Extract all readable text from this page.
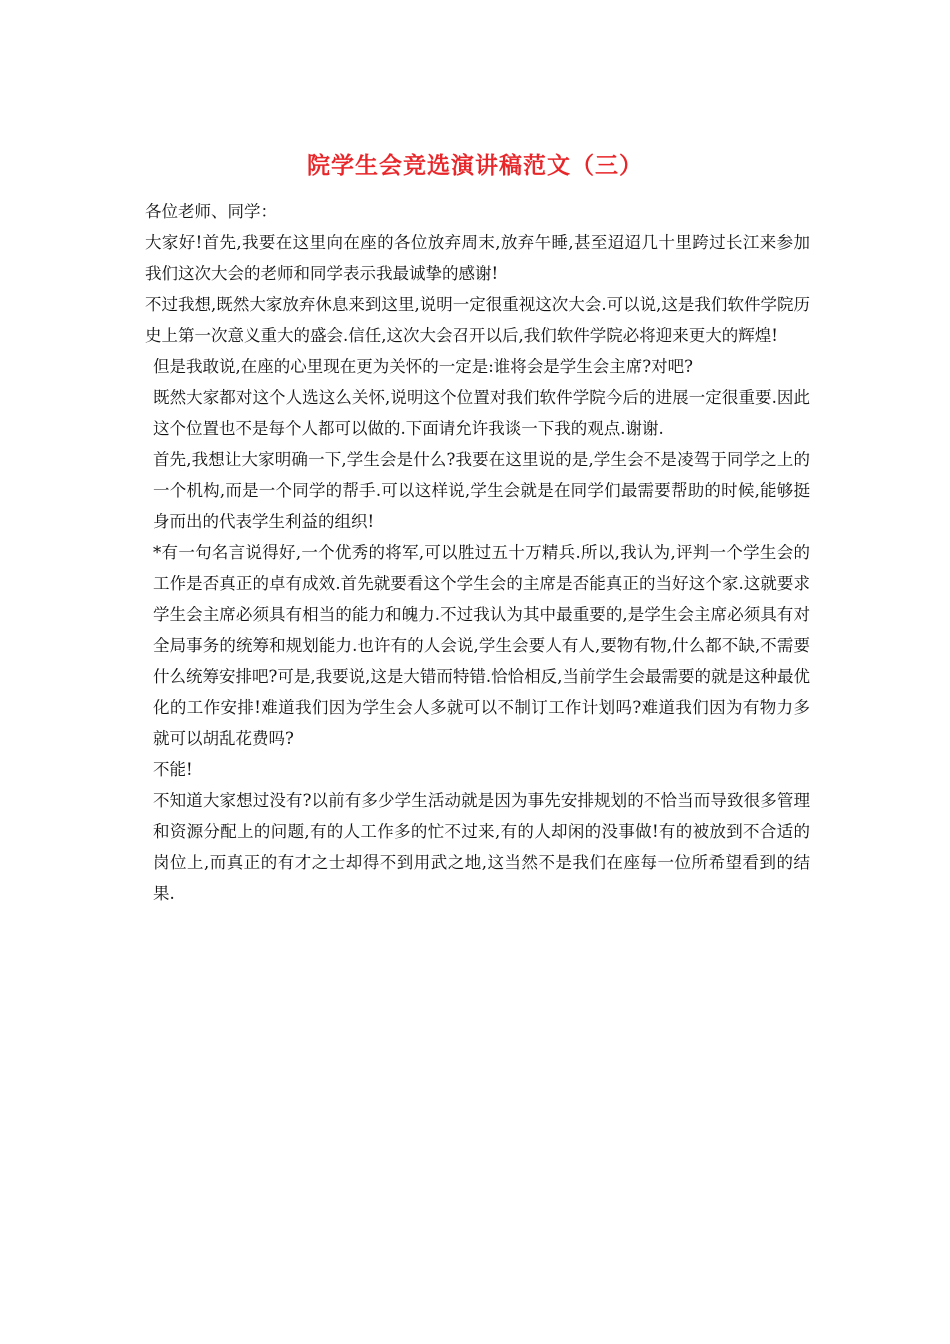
院学生会竞选演讲稿范文（三）

各位老师、同学：

大家好!首先,我要在这里向在座的各位放弃周末,放弃午睡,甚至迢迢几十里跨过长江来参加我们这次大会的老师和同学表示我最诚挚的感谢!

不过我想,既然大家放弃休息来到这里,说明一定很重视这次大会.可以说,这是我们软件学院历史上第一次意义重大的盛会.信任,这次大会召开以后,我们软件学院必将迎来更大的辉煌!

但是我敢说,在座的心里现在更为关怀的一定是:谁将会是学生会主席?对吧?

既然大家都对这个人选这么关怀,说明这个位置对我们软件学院今后的进展一定很重要.因此这个位置也不是每个人都可以做的.下面请允许我谈一下我的观点.谢谢.

首先,我想让大家明确一下,学生会是什么?我要在这里说的是,学生会不是凌驾于同学之上的一个机构,而是一个同学的帮手.可以这样说,学生会就是在同学们最需要帮助的时候,能够挺身而出的代表学生利益的组织!

*有一句名言说得好,一个优秀的将军,可以胜过五十万精兵.所以,我认为,评判一个学生会的工作是否真正的卓有成效.首先就要看这个学生会的主席是否能真正的当好这个家.这就要求学生会主席必须具有相当的能力和魄力.不过我认为其中最重要的,是学生会主席必须具有对全局事务的统筹和规划能力.也许有的人会说,学生会要人有人,要物有物,什么都不缺,不需要什么统筹安排吧?可是,我要说,这是大错而特错.恰恰相反,当前学生会最需要的就是这种最优化的工作安排!难道我们因为学生会人多就可以不制订工作计划吗?难道我们因为有物力多就可以胡乱花费吗?

不能!

不知道大家想过没有?以前有多少学生活动就是因为事先安排规划的不恰当而导致很多管理和资源分配上的问题,有的人工作多的忙不过来,有的人却闲的没事做!有的被放到不合适的岗位上,而真正的有才之士却得不到用武之地,这当然不是我们在座每一位所希望看到的结果.
